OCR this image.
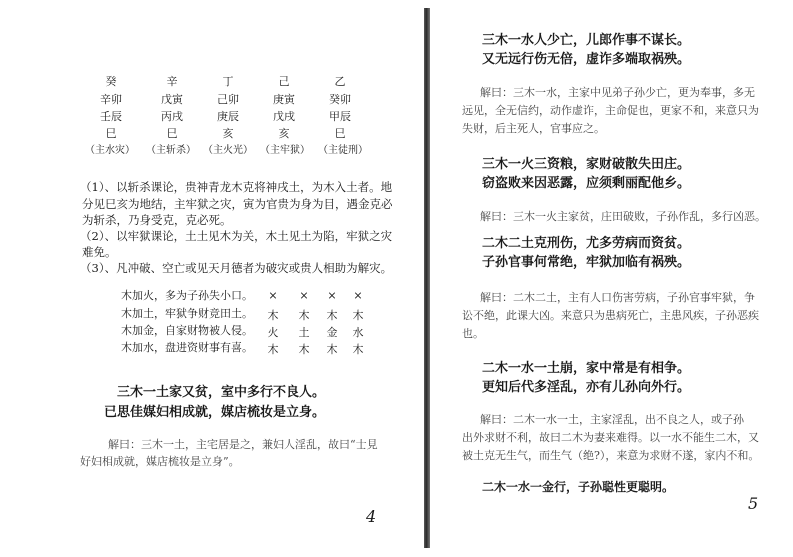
癸	辛	丁	己	乙
辛卯	戊寅	己卯	庚寅	癸卯
壬辰	丙戌	庚辰	戊戌	甲辰
巳	巳	亥	亥	巳
（主水灾）	（主斩杀） （主火光） （主牢狱） （主徒刑）
（1）、以斩杀课论，贵神青龙木克将神戌土，为木入土者。地
分见巳亥为地结，主牢狱之灾，寅为官贵为身为目，遇金克必
为斩杀，乃身受克，克必死。
（2）、以牢狱课论，土土见木为关，木土见土为陷，牢狱之灾
难免。
（3）、凡冲破、空亡或见天月德者为破灾或贵人相助为解灾。
木加火，多为子孙失小口。	×	×	×	×
木加土，牢狱争财竞田土。 木 木 木 木
木加金，自家财物被人侵。 火 土 金 水
木加水，盘进资财事有喜。 木 木 木 木
三木一土家又贫，室中多行不良人。
已思佳媒妇相成就，媒店梳妆是立身。
解曰：三木一土，主宅居是之，兼妇人淫乱，故曰“士見
好妇相成就，媒店梳妆是立身”。
4
三木一水人少亡，儿郎作事不谋长。
又无远行伤无倍，虚诈多端取祸殃。
解曰：三木一水，主家中见弟子孙少亡，更为奉事，多无
远见，全无信约，动作虚诈，主命促也，更家不和，来意只为
失财，后主死人，官事应之。
三木一火三资粮，家财破散失田庄。
窃盗败来因恶露，应须剩丽配他乡。
解曰：三木一火主家贫，庄田破败，子孙作乱，多行凶恶。
二木二土克刑伤，尤多劳病而资贫。
子孙官事何常绝，牢狱加临有祸殃。
解曰：二木二土，主有人口伤害劳病，子孙官事牢狱，争
讼不绝，此课大凶。来意只为患病死亡，主患风疾，子孙恶疾
也。
二木一水一土崩，家中常是有相争。
更知后代多淫乱，亦有儿孙向外行。
解曰：二木一水一土，主家淫乱，出不良之人，或子孙
出外求财不利，故曰二木为妻来难得。以一水不能生二木，又
被土克无生气，而生气（绝?），来意为求财不遂，家内不和。
二木一水一金行，子孙聪性更聪明。
5
